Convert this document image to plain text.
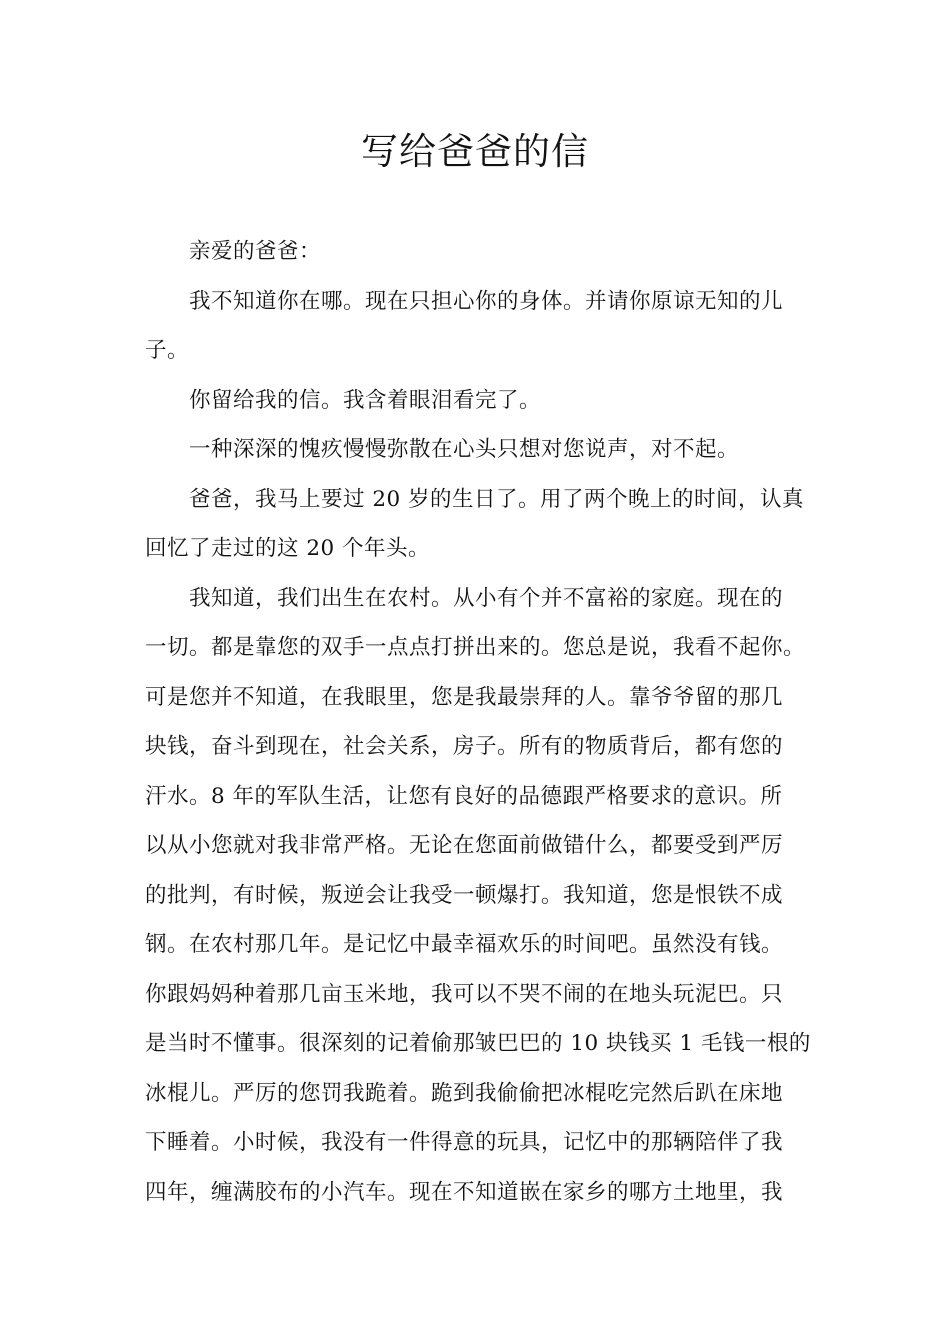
写给爸爸的信
亲爱的爸爸：
我不知道你在哪。现在只担心你的身体。并请你原谅无知的儿
子。
你留给我的信。我含着眼泪看完了。
一种深深的愧疚慢慢弥散在心头只想对您说声，对不起。
爸爸，我马上要过 20 岁的生日了。用了两个晚上的时间，认真
回忆了走过的这 20 个年头。
我知道，我们出生在农村。从小有个并不富裕的家庭。现在的
一切。都是靠您的双手一点点打拼出来的。您总是说，我看不起你。
可是您并不知道，在我眼里，您是我最崇拜的人。靠爷爷留的那几
块钱，奋斗到现在，社会关系，房子。所有的物质背后，都有您的
汗水。8 年的军队生活，让您有良好的品德跟严格要求的意识。所
以从小您就对我非常严格。无论在您面前做错什么，都要受到严厉
的批判，有时候，叛逆会让我受一顿爆打。我知道，您是恨铁不成
钢。在农村那几年。是记忆中最幸福欢乐的时间吧。虽然没有钱。
你跟妈妈种着那几亩玉米地，我可以不哭不闹的在地头玩泥巴。只
是当时不懂事。很深刻的记着偷那皱巴巴的 10 块钱买 1 毛钱一根的
冰棍儿。严厉的您罚我跪着。跪到我偷偷把冰棍吃完然后趴在床地
下睡着。小时候，我没有一件得意的玩具，记忆中的那辆陪伴了我
四年，缠满胶布的小汽车。现在不知道嵌在家乡的哪方土地里，我
